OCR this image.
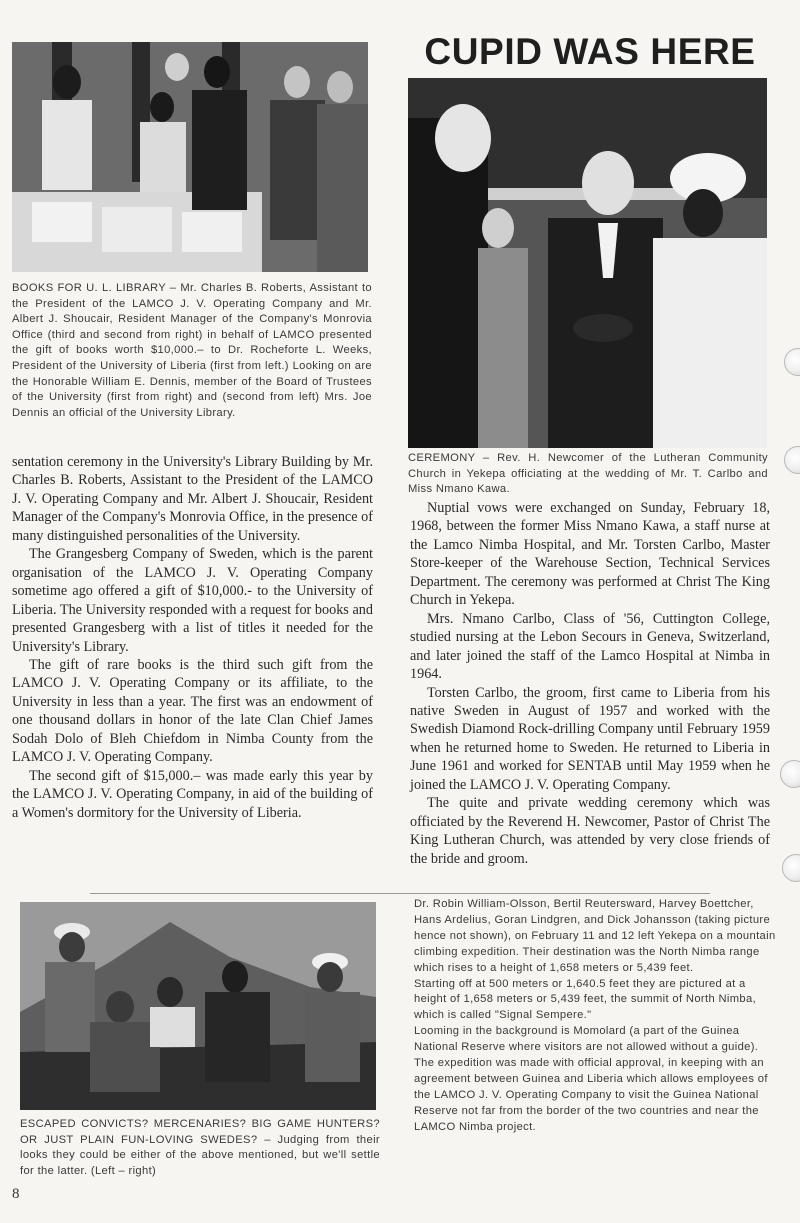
BOOKS FOR U. L. LIBRARY – Mr. Charles B. Roberts, Assistant to the President of the LAMCO J. V. Operating Company and Mr. Albert J. Shoucair, Resident Manager of the Company's Monrovia Office (third and second from right) in behalf of LAMCO presented the gift of books worth $10,000.– to Dr. Rocheforte L. Weeks, President of the University of Liberia (first from left.) Looking on are the Honorable William E. Dennis, member of the Board of Trustees of the University (first from right) and (second from left) Mrs. Joe Dennis an official of the University Library.

sentation ceremony in the University's Library Building by Mr. Charles B. Roberts, Assistant to the President of the LAMCO J. V. Operating Company and Mr. Albert J. Shoucair, Resident Manager of the Company's Monrovia Office, in the presence of many distinguished personalities of the University.

The Grangesberg Company of Sweden, which is the parent organisation of the LAMCO J. V. Operating Company sometime ago offered a gift of $10,000.- to the University of Liberia. The University responded with a request for books and presented Grangesberg with a list of titles it needed for the University's Library.

The gift of rare books is the third such gift from the LAMCO J. V. Operating Company or its affiliate, to the University in less than a year. The first was an endowment of one thousand dollars in honor of the late Clan Chief James Sodah Dolo of Bleh Chiefdom in Nimba County from the LAMCO J. V. Operating Company.

The second gift of $15,000.– was made early this year by the LAMCO J. V. Operating Company, in aid of the building of a Women's dormitory for the University of Liberia.

CUPID WAS HERE
CEREMONY – Rev. H. Newcomer of the Lutheran Community Church in Yekepa officiating at the wedding of Mr. T. Carlbo and Miss Nmano Kawa.

Nuptial vows were exchanged on Sunday, February 18, 1968, between the former Miss Nmano Kawa, a staff nurse at the Lamco Nimba Hospital, and Mr. Torsten Carlbo, Master Store-keeper of the Warehouse Section, Technical Services Department. The ceremony was performed at Christ The King Church in Yekepa.

Mrs. Nmano Carlbo, Class of '56, Cuttington College, studied nursing at the Lebon Secours in Geneva, Switzerland, and later joined the staff of the Lamco Hospital at Nimba in 1964.

Torsten Carlbo, the groom, first came to Liberia from his native Sweden in August of 1957 and worked with the Swedish Diamond Rock-drilling Company until February 1959 when he returned home to Sweden. He returned to Liberia in June 1961 and worked for SENTAB until May 1959 when he joined the LAMCO J. V. Operating Company.

The quite and private wedding ceremony which was officiated by the Reverend H. Newcomer, Pastor of Christ The King Lutheran Church, was attended by very close friends of the bride and groom.

ESCAPED CONVICTS? MERCENARIES? BIG GAME HUNTERS? OR JUST PLAIN FUN-LOVING SWEDES? – Judging from their looks they could be either of the above mentioned, but we'll settle for the latter. (Left – right)

Dr. Robin William-Olsson, Bertil Reutersward, Harvey Boettcher, Hans Ardelius, Goran Lindgren, and Dick Johansson (taking picture hence not shown), on February 11 and 12 left Yekepa on a mountain climbing expedition. Their destination was the North Nimba range which rises to a height of 1,658 meters or 5,439 feet.

Starting off at 500 meters or 1,640.5 feet they are pictured at a height of 1,658 meters or 5,439 feet, the summit of North Nimba, which is called "Signal Sempere."

Looming in the background is Momolard (a part of the Guinea National Reserve where visitors are not allowed without a guide).

The expedition was made with official approval, in keeping with an agreement between Guinea and Liberia which allows employees of the LAMCO J. V. Operating Company to visit the Guinea National Reserve not far from the border of the two countries and near the LAMCO Nimba project.

8
